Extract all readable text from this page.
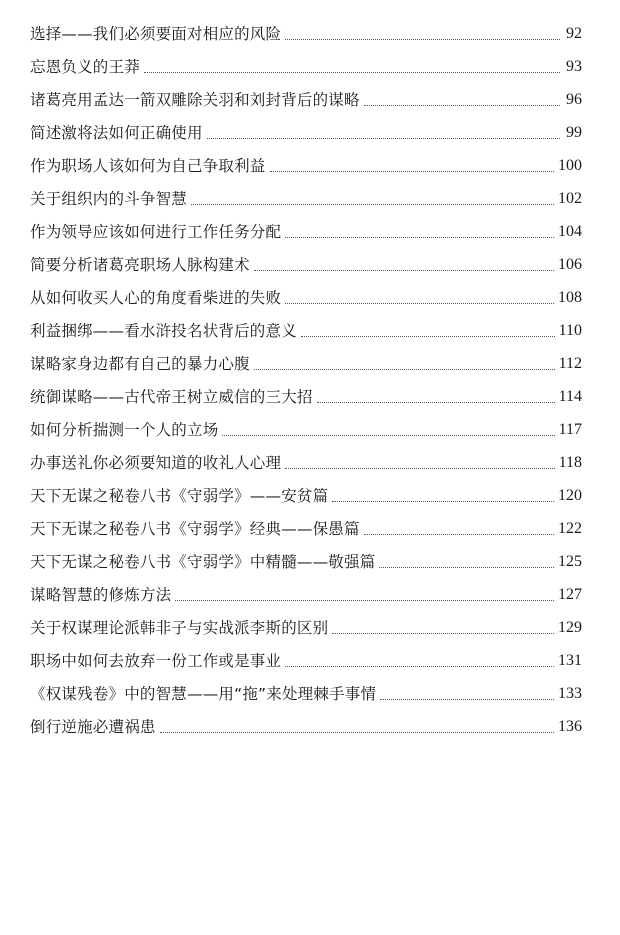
选择——我们必须要面对相应的风险	92
忘恩负义的王莽	93
诸葛亮用孟达一箭双雕除关羽和刘封背后的谋略	96
简述激将法如何正确使用	99
作为职场人该如何为自己争取利益	100
关于组织内的斗争智慧	102
作为领导应该如何进行工作任务分配	104
简要分析诸葛亮职场人脉构建术	106
从如何收买人心的角度看柴进的失败	108
利益捆绑——看水浒投名状背后的意义	110
谋略家身边都有自己的暴力心腹	112
统御谋略——古代帝王树立威信的三大招	114
如何分析揣测一个人的立场	117
办事送礼你必须要知道的收礼人心理	118
天下无谋之秘卷八书《守弱学》——安贫篇	120
天下无谋之秘卷八书《守弱学》经典——保愚篇	122
天下无谋之秘卷八书《守弱学》中精髓——敬强篇	125
谋略智慧的修炼方法	127
关于权谋理论派韩非子与实战派李斯的区别	129
职场中如何去放弃一份工作或是事业	131
《权谋残卷》中的智慧——用“拖”来处理棘手事情	133
倒行逆施必遭祸患	136
